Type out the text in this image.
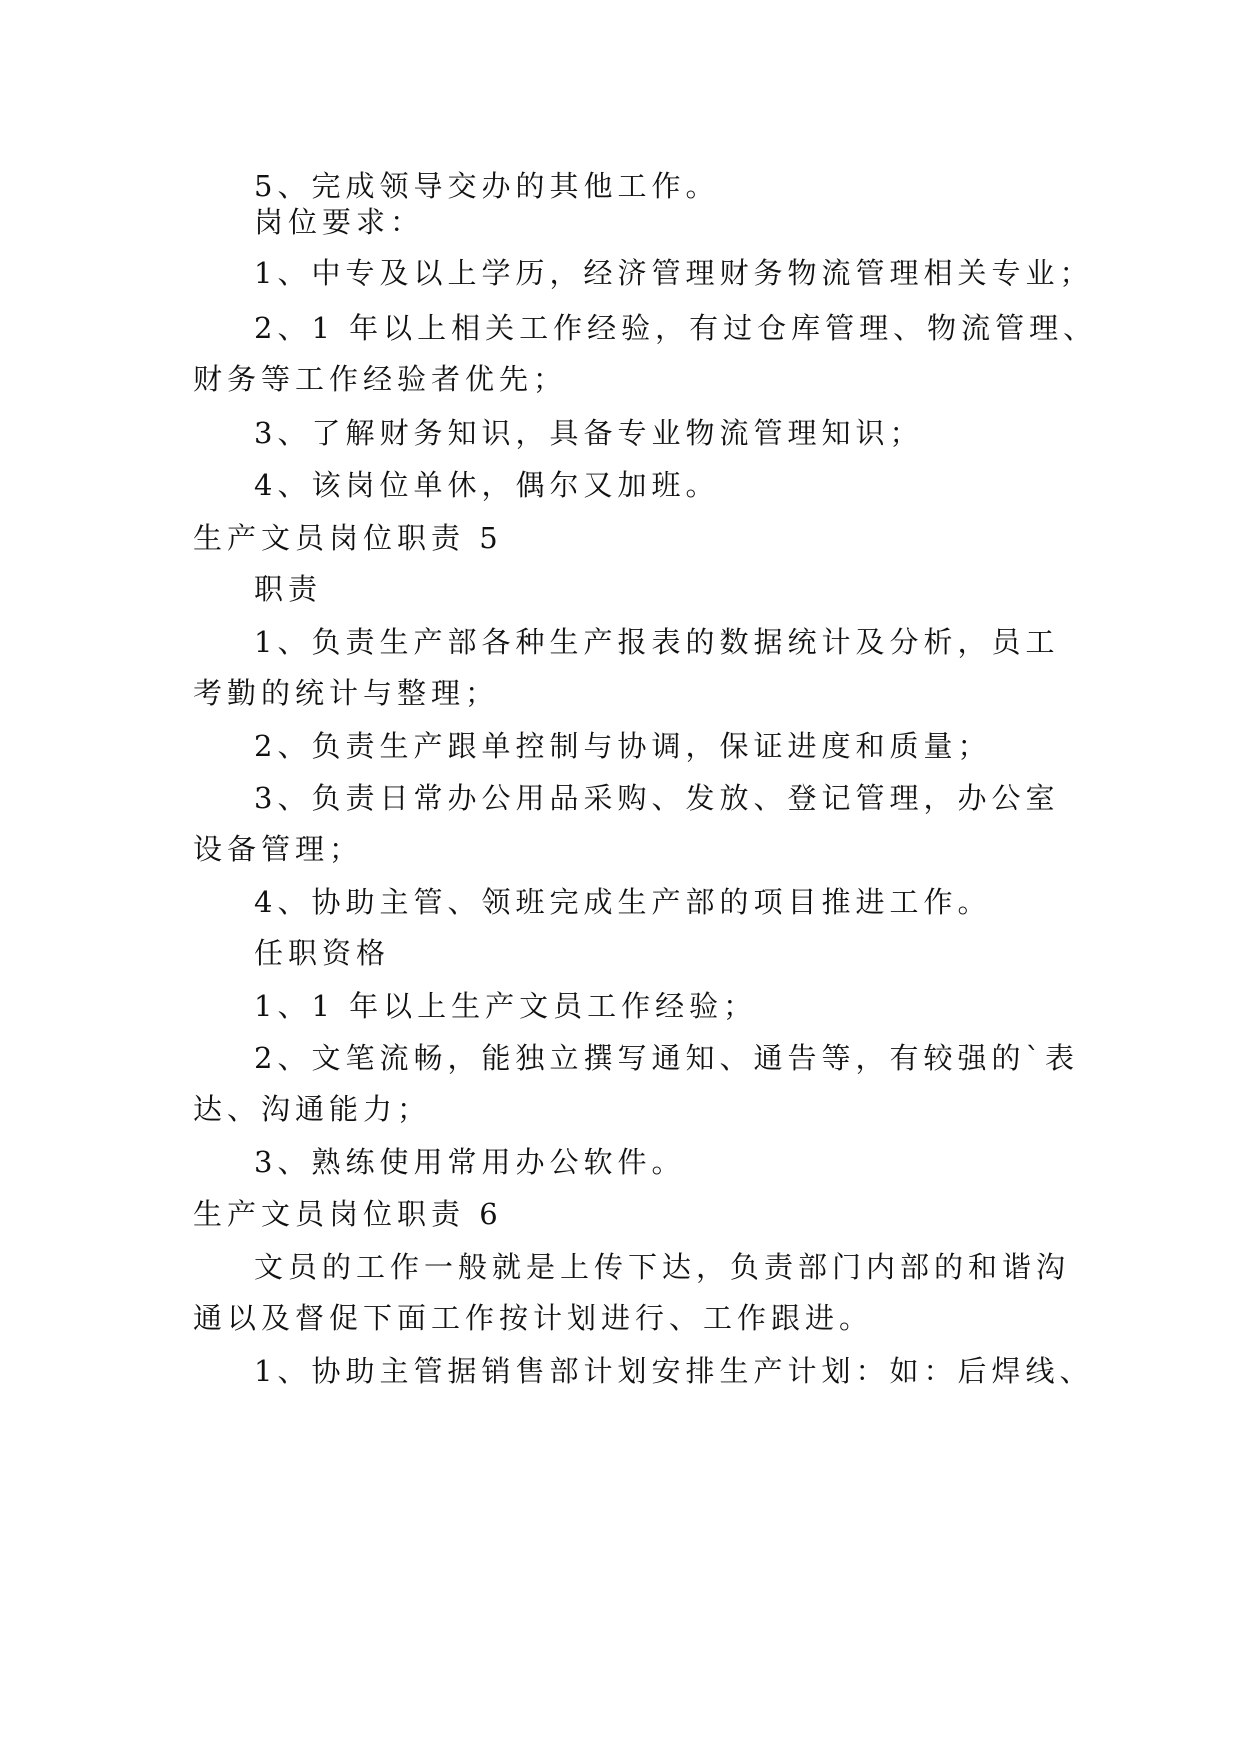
5、完成领导交办的其他工作。
岗位要求：
1、中专及以上学历，经济管理财务物流管理相关专业；
2、1 年以上相关工作经验，有过仓库管理、物流管理、
财务等工作经验者优先；
3、了解财务知识，具备专业物流管理知识；
4、该岗位单休，偶尔又加班。
生产文员岗位职责 5
职责
1、负责生产部各种生产报表的数据统计及分析，员工
考勤的统计与整理；
2、负责生产跟单控制与协调，保证进度和质量；
3、负责日常办公用品采购、发放、登记管理，办公室
设备管理；
4、协助主管、领班完成生产部的项目推进工作。
任职资格
1、1 年以上生产文员工作经验；
2、文笔流畅，能独立撰写通知、通告等，有较强的`表
达、沟通能力；
3、熟练使用常用办公软件。
生产文员岗位职责 6
文员的工作一般就是上传下达，负责部门内部的和谐沟
通以及督促下面工作按计划进行、工作跟进。
1、协助主管据销售部计划安排生产计划：如：后焊线、
